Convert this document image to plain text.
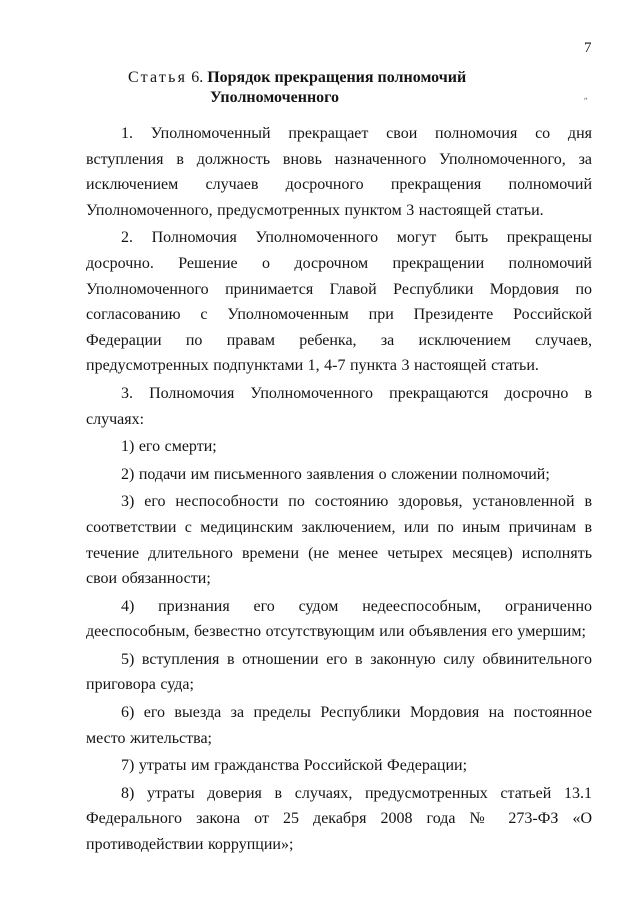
7
ʺ
Статья 6. Порядок прекращения полномочий
Уполномоченного

1. Уполномоченный прекращает свои полномочия со дня вступления в должность вновь назначенного Уполномоченного, за исключением случаев досрочного прекращения полномочий Уполномоченного, предусмотренных пунктом 3 настоящей статьи.

2. Полномочия Уполномоченного могут быть прекращены досрочно. Решение о досрочном прекращении полномочий Уполномоченного принимается Главой Республики Мордовия по согласованию с Уполномоченным при Президенте Российской Федерации по правам ребенка, за исключением случаев, предусмотренных подпунктами 1, 4-7 пункта 3 настоящей статьи.

3. Полномочия Уполномоченного прекращаются досрочно в случаях:

1) его смерти;

2) подачи им письменного заявления о сложении полномочий;

3) его неспособности по состоянию здоровья, установленной в соответствии с медицинским заключением, или по иным причинам в течение длительного времени (не менее четырех месяцев) исполнять свои обязанности;

4) признания его судом недееспособным, ограниченно дееспособным, безвестно отсутствующим или объявления его умершим;

5) вступления в отношении его в законную силу обвинительного приговора суда;

6) его выезда за пределы Республики Мордовия на постоянное место жительства;

7) утраты им гражданства Российской Федерации;

8) утраты доверия в случаях, предусмотренных статьей 13.1 Федерального закона от 25 декабря 2008 года № 273-ФЗ «О противодействии коррупции»;
